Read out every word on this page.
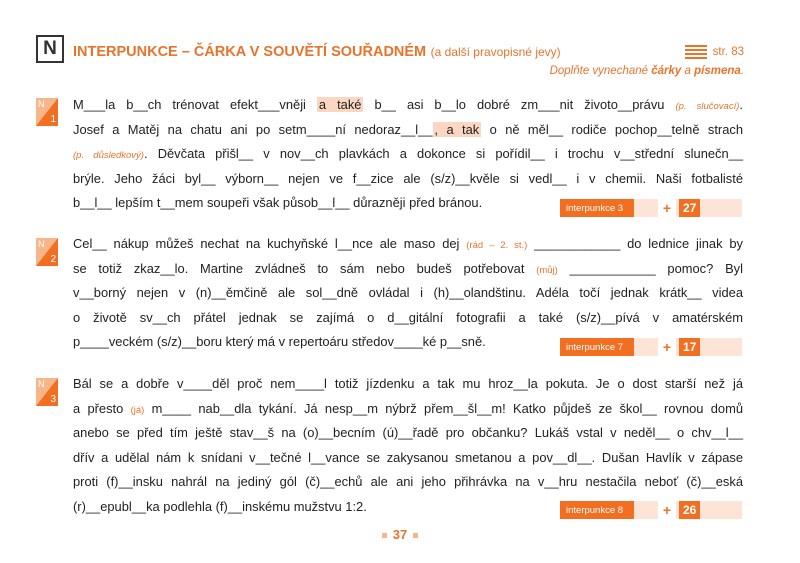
N	INTERPUNKCE – ČÁRKA V SOUVĚTÍ SOUŘADNÉM (a další pravopisné jevy)	str. 83
Doplňte vynechané čárky a písmena.
N
1

M___la b__ch trénovat efekt___vněji a také b__ asi b__lo dobré zm___nit životo__právu (p. slučovací).

Josef a Matěj na chatu ani po setm____ní nedoraz__l__ , a tak o ně měl__ rodiče pochop__telně strach

(p. důsledkový). Děvčata přišl__ v nov__ch plavkách a dokonce si pořídil__ i trochu v__střední slunečn__

brýle. Jeho žáci byl__ výborn__ nejen ve f__zice ale (s/z)__kvěle si vedl__ i v chemii. Naši fotbalisté

b__l__ lepším t__mem soupeři však působ__l__ důrazněji před bránou.	interpunkce 3	+ 27
N
2

Cel__ nákup můžeš nechat na kuchyňské l__nce ale maso dej (rád – 2. st.) ____________ do lednice jinak by

se totiž zkaz__lo. Martine zvládneš to sám nebo budeš potřebovat (můj) ____________ pomoc? Byl

v__borný nejen v (n)__ěmčině ale sol__dně ovládal i (h)__olandštinu. Adéla točí jednak krátk__ videa

o životě sv__ch přátel jednak se zajímá o d__gitální fotografii a také (s/z)__pívá v amatérském

p____veckém (s/z)__boru který má v repertoáru středov____ké p__sně.	interpunkce 7	+ 17
N
3

Bál se a dobře v____děl proč nem____l totiž jízdenku a tak mu hroz__la pokuta. Je o dost starší než já

a přesto (já) m____ nab__dla tykání. Já nesp__m nýbrž přem__šl__m! Katko půjdeš ze škol__ rovnou domů

anebo se před tím ještě stav__š na (o)__becním (ú)__řadě pro občanku? Lukáš vstal v neděl__ o chv__l__

dřív a udělal nám k snídani v__tečné l__vance se zakysanou smetanou a pov__dl__. Dušan Havlík v zápase

proti (f)__insku nahrál na jediný gól (č)__echů ale ani jeho přihrávka na v__hru nestačila neboť (č)__eská

(r)__epubl__ka podlehla (f)__inskému mužstvu 1:2.	interpunkce 8	+ 26
37
